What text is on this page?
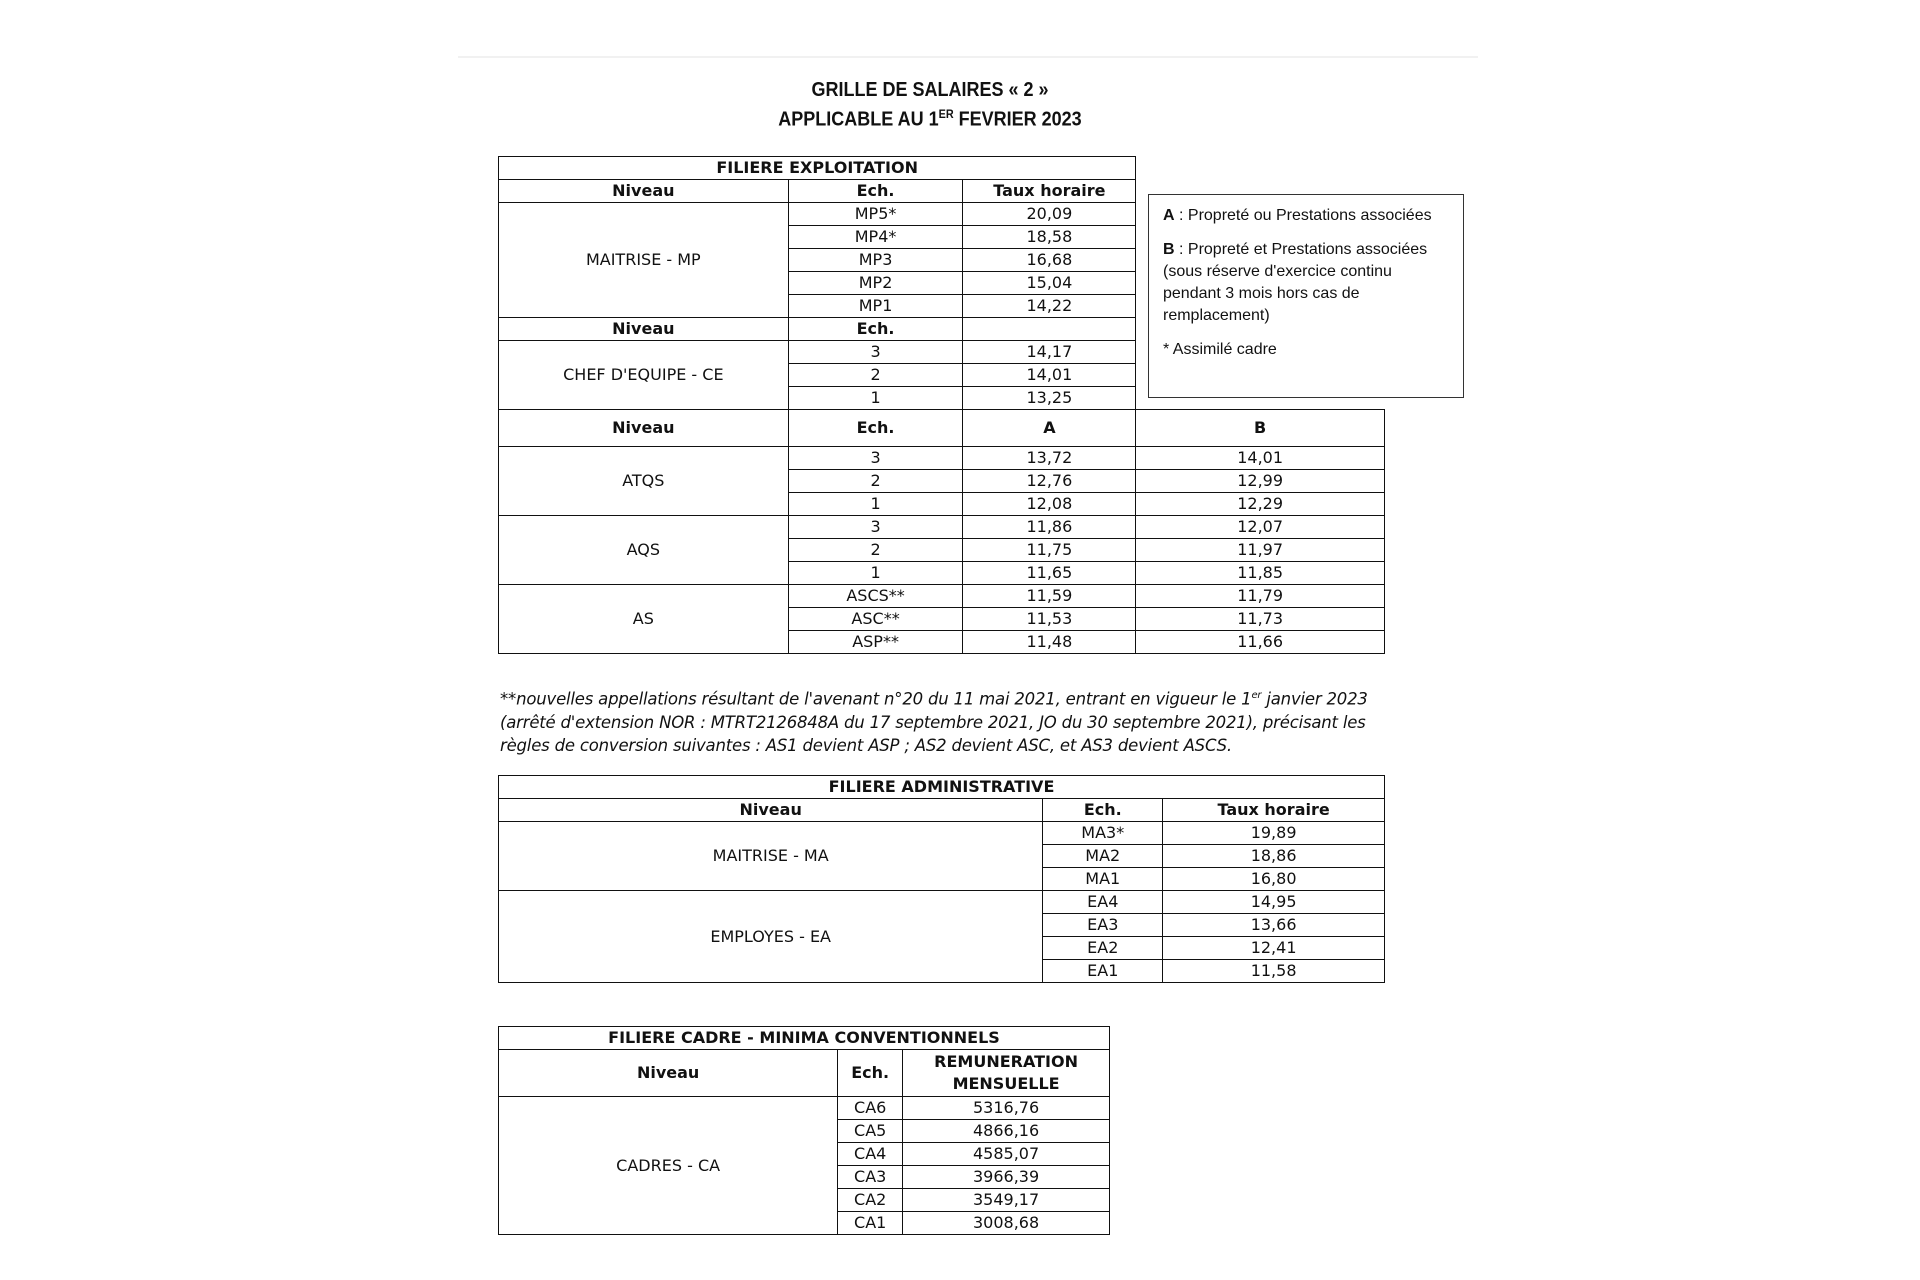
GRILLE DE SALAIRES « 2 »
APPLICABLE AU 1ER FEVRIER 2023
FILIERE EXPLOITATION			
Niveau	Ech.	Taux horaire	
MAITRISE - MP	MP5*	20,09	
	MP4*	18,58	
	MP3	16,68	
	MP2	15,04	
	MP1	14,22	
Niveau	Ech.		
CHEF D'EQUIPE - CE	3	14,17	
	2	14,01	
	1	13,25	
Niveau	Ech.	A	B
ATQS	3	13,72	14,01
	2	12,76	12,99
	1	12,08	12,29
AQS	3	11,86	12,07
	2	11,75	11,97
	1	11,65	11,85
AS	ASCS**	11,59	11,79
	ASC**	11,53	11,73
	ASP**	11,48	11,66

A : Propreté ou Prestations associées

B : Propreté et Prestations associées (sous réserve d'exercice continu pendant 3 mois hors cas de remplacement)

* Assimilé cadre

**nouvelles appellations résultant de l'avenant n°20 du 11 mai 2021, entrant en vigueur le 1er janvier 2023 (arrêté d'extension NOR : MTRT2126848A du 17 septembre 2021, JO du 30 septembre 2021), précisant les règles de conversion suivantes : AS1 devient ASP ; AS2 devient ASC, et AS3 devient ASCS.
FILIERE ADMINISTRATIVE		
Niveau	Ech.	Taux horaire
MAITRISE - MA	MA3*	19,89
	MA2	18,86
	MA1	16,80
EMPLOYES - EA	EA4	14,95
	EA3	13,66
	EA2	12,41
	EA1	11,58
FILIERE CADRE - MINIMA CONVENTIONNELS		
Niveau	Ech.	REMUNERATION MENSUELLE
CADRES - CA	CA6	5316,76
	CA5	4866,16
	CA4	4585,07
	CA3	3966,39
	CA2	3549,17
	CA1	3008,68
